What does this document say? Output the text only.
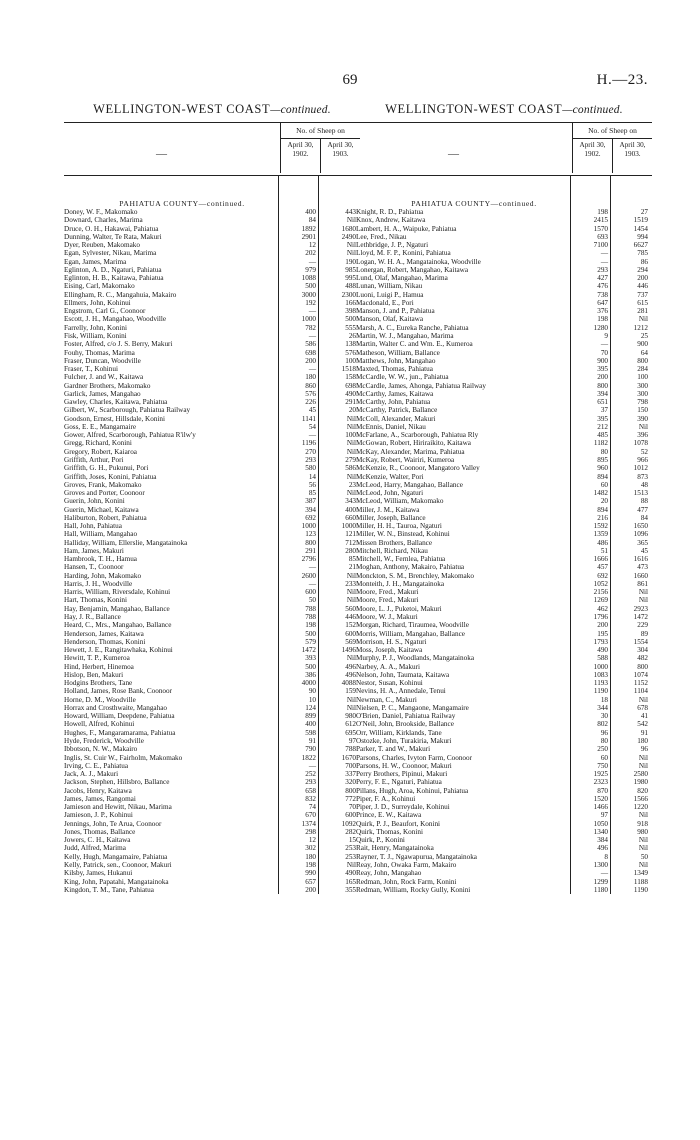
69	H.—23.
WELLINGTON-WEST COAST—continued.
—
No. of Sheep on
April 30, 1902.
April 30, 1903.
PAHIATUA COUNTY—continued.
Doney, W. F., Makomako	400	443
Downard, Charles, Marima	84	Nil
Druce, O. H., Hakawai, Pahiatua	1892	1680
Dunning, Walter, Te Rata, Makuri	2901	2490
Dyer, Reuben, Makomako	12	Nil
Egan, Sylvester, Nikau, Marima	202	Nil
Egan, James, Marima	—	190
Eglinton, A. D., Ngaturi, Pahiatua	979	985
Eglinton, H. B., Kaitawa, Pahiatua	1088	995
Eising, Carl, Makomako	500	488
Ellingham, R. C., Mangahuia, Makairo	3000	2300
Ellmers, John, Kohinui	192	166
Engstrom, Carl G., Coonoor	—	398
Escott, J. H., Mangahao, Woodville	1000	500
Farrelly, John, Konini	782	555
Fisk, William, Konini	—	26
Foster, Alfred, c/o J. S. Berry, Makuri	586	138
Fouhy, Thomas, Marima	698	576
Fraser, Duncan, Woodville	200	100
Fraser, T., Kohinui	—	1518
Fulcher, J. and W., Kaitawa	180	158
Gardner Brothers, Makomako	860	698
Garlick, James, Mangahao	576	490
Gawley, Charles, Kaitawa, Pahiatua	226	291
Gilbert, W., Scarborough, Pahiatua Railway	45	20
Goodson, Ernest, Hillsdale, Konini	1141	Nil
Goss, E. E., Mangamaire	54	Nil
Gower, Alfred, Scarborough, Pahiatua R'ilw'y	—	100
Gregg, Richard, Konini	1196	Nil
Gregory, Robert, Kaiaroa	270	Nil
Griffith, Arthur, Pori	293	279
Griffith, G. H., Pukunui, Pori	580	586
Griffith, Joses, Konini, Pahiatua	14	Nil
Groves, Frank, Makomako	56	23
Groves and Porter, Coonoor	85	Nil
Guerin, John, Konini	387	343
Guerin, Michael, Kaitawa	394	400
Haliburton, Robert, Pahiatua	692	660
Hall, John, Pahiatua	1000	1000
Hall, William, Mangahao	123	121
Halliday, William, Ellerslie, Mangatainoka	800	712
Ham, James, Makuri	291	280
Hambrook, T. H., Hamua	2796	85
Hansen, T., Coonoor	—	21
Harding, John, Makomako	2600	Nil
Harris, J. H., Woodville	—	233
Harris, William, Riversdale, Kohinui	600	Nil
Hart, Thomas, Konini	50	Nil
Hay, Benjamin, Mangahao, Ballance	788	560
Hay, J. R., Ballance	788	446
Heard, C., Mrs., Mangahao, Ballance	198	152
Henderson, James, Kaitawa	500	600
Henderson, Thomas, Konini	579	569
Hewett, J. E., Rangitawhaka, Kohinui	1472	1496
Hewitt, T. P., Kumeroa	393	Nil
Hind, Herbert, Hinemoa	500	496
Hislop, Ben, Makuri	386	496
Hodgins Brothers, Tane	4000	4088
Holland, James, Rose Bank, Coonoor	90	159
Horne, D. M., Woodville	10	Nil
Horrax and Crosthwaite, Mangahao	124	Nil
Howard, William, Deepdene, Pahiatua	899	980
Howell, Alfred, Kohinui	400	612
Hughes, F., Mangaramarama, Pahiatua	598	695
Hyde, Frederick, Woodville	91	97
Ibbotson, N. W., Makairo	790	788
Inglis, St. Cuir W., Fairholm, Makomako	1822	1670
Irving, C. E., Pahiatua	—	700
Jack, A. J., Makuri	252	337
Jackson, Stephen, Hillsbro, Ballance	293	320
Jacobs, Henry, Kaitawa	658	800
James, James, Rangomai	832	772
Jamieson and Hewitt, Nikau, Marima	74	70
Jamieson, J. P., Kohinui	670	600
Jennings, John, Te Arua, Coonoor	1374	1092
Jones, Thomas, Ballance	298	282
Jowers, C. H., Kaitawa	12	15
Judd, Alfred, Marima	302	253
Kelly, Hugh, Mangamaire, Pahiatua	180	253
Kelly, Patrick, sen., Coonoor, Makuri	198	Nil
Kilsby, James, Hukanui	990	490
King, John, Papatahi, Mangatainoka	657	165
Kingdon, T. M., Tane, Pahiatua	200	355
WELLINGTON-WEST COAST—continued.
—
No. of Sheep on
April 30, 1902.
April 30, 1903.
PAHIATUA COUNTY—continued.
Knight, R. D., Pahiatua	198	27
Knox, Andrew, Kaitawa	2415	1519
Lambert, H. A., Waipuke, Pahiatua	1570	1454
Lee, Fred., Nikau	693	994
Lethbridge, J. P., Ngaturi	7100	6627
Lloyd, M. F. P., Konini, Pahiatua	—	785
Logan, W. H. A., Mangatainoka, Woodville	—	86
Lonergan, Robert, Mangahao, Kaitawa	293	294
Lund, Olaf, Mangahao, Marima	427	200
Lunan, William, Nikau	476	446
Luoni, Luigi P., Hamua	738	737
Macdonald, E., Pori	647	615
Manson, J. and P., Pahiatua	376	281
Manson, Olaf, Kaitawa	198	Nil
Marsh, A. C., Eureka Ranche, Pahiatua	1280	1212
Martin, W. J., Mangahao, Marima	9	25
Martin, Walter C. and Wm. E., Kumeroa	—	900
Matheson, William, Ballance	70	64
Matthews, John, Mangahao	900	800
Maxted, Thomas, Pahiatua	395	284
McCardle, W. W., jun., Pahiatua	200	100
McCardle, James, Ahonga, Pahiatua Railway	800	300
McCarthy, James, Kaitawa	394	300
McCarthy, John, Pahiatua	651	798
McCarthy, Patrick, Ballance	37	150
McColl, Alexander, Makuri	395	390
McEnnis, Daniel, Nikau	212	Nil
McFarlane, A., Scarborough, Pahiatua Rly	485	396
McGowan, Robert, Hiriraikito, Kaitawa	1182	1078
McKay, Alexander, Marima, Pahiatua	80	52
McKay, Robert, Wairiri, Kumeroa	895	966
McKenzie, R., Coonoor, Mangatoro Valley	960	1012
McKenzie, Walter, Pori	894	873
McLeod, Harry, Mangahao, Ballance	60	48
McLeod, John, Ngaturi	1482	1513
McLeod, William, Makomako	20	88
Miller, J. M., Kaitawa	894	477
Miller, Joseph, Ballance	216	84
Miller, H. H., Tauroa, Ngaturi	1592	1650
Miller, W. N., Binstead, Kohinui	1359	1096
Missen Brothers, Ballance	486	365
Mitchell, Richard, Nikau	51	45
Mitchell, W., Fernlea, Pahiatua	1666	1616
Moghan, Anthony, Makairo, Pahiatua	457	473
Monckton, S. M., Brenchley, Makomako	692	1660
Monteith, J. H., Mangatainoka	1052	861
Moore, Fred., Makuri	2156	Nil
Moore, Fred., Makuri	1269	Nil
Moore, L. J., Puketoi, Makuri	462	2923
Moore, W. J., Makuri	1796	1472
Morgan, Richard, Tiraumea, Woodville	200	229
Morris, William, Mangahao, Ballance	195	89
Morrison, H. S., Ngaturi	1793	1554
Moss, Joseph, Kaitawa	490	304
Murphy, P. J., Woodlands, Mangatainoka	588	482
Narbey, A. A., Makuri	1000	800
Nelson, John, Taumata, Kaitawa	1083	1074
Nestor, Susan, Kohinui	1193	1152
Nevins, H. A., Annedale, Tenui	1190	1104
Newman, C., Makuri	18	Nil
Nielsen, P. C., Mangaone, Mangamaire	344	678
O'Brien, Daniel, Pahiatua Railway	30	41
O'Neil, John, Brookside, Ballance	802	542
Orr, William, Kirklands, Tane	96	91
Ostozke, John, Turakiria, Makuri	80	180
Parker, T. and W., Makuri	250	96
Parsons, Charles, Ivyton Farm, Coonoor	60	Nil
Parsons, H. W., Coonoor, Makuri	750	Nil
Perry Brothers, Pipinui, Makuri	1925	2580
Perry, F. E., Ngaturi, Pahiatua	2323	1980
Pillans, Hugh, Aroa, Kohinui, Pahiatua	870	820
Piper, F. A., Kohinui	1520	1566
Piper, J. D., Surreydale, Kohinui	1466	1220
Prince, E. W., Kaitawa	97	Nil
Quirk, P. J., Beaufort, Konini	1050	918
Quirk, Thomas, Konini	1340	980
Quirk, P., Konini	384	Nil
Rait, Henry, Mangatainoka	496	Nil
Rayner, T. J., Ngawapurua, Mangatainoka	8	50
Reay, John, Owaka Farm, Makairo	1300	Nil
Reay, John, Mangahao	—	1349
Redman, John, Rock Farm, Konini	1299	1188
Redman, William, Rocky Gully, Konini	1180	1190
